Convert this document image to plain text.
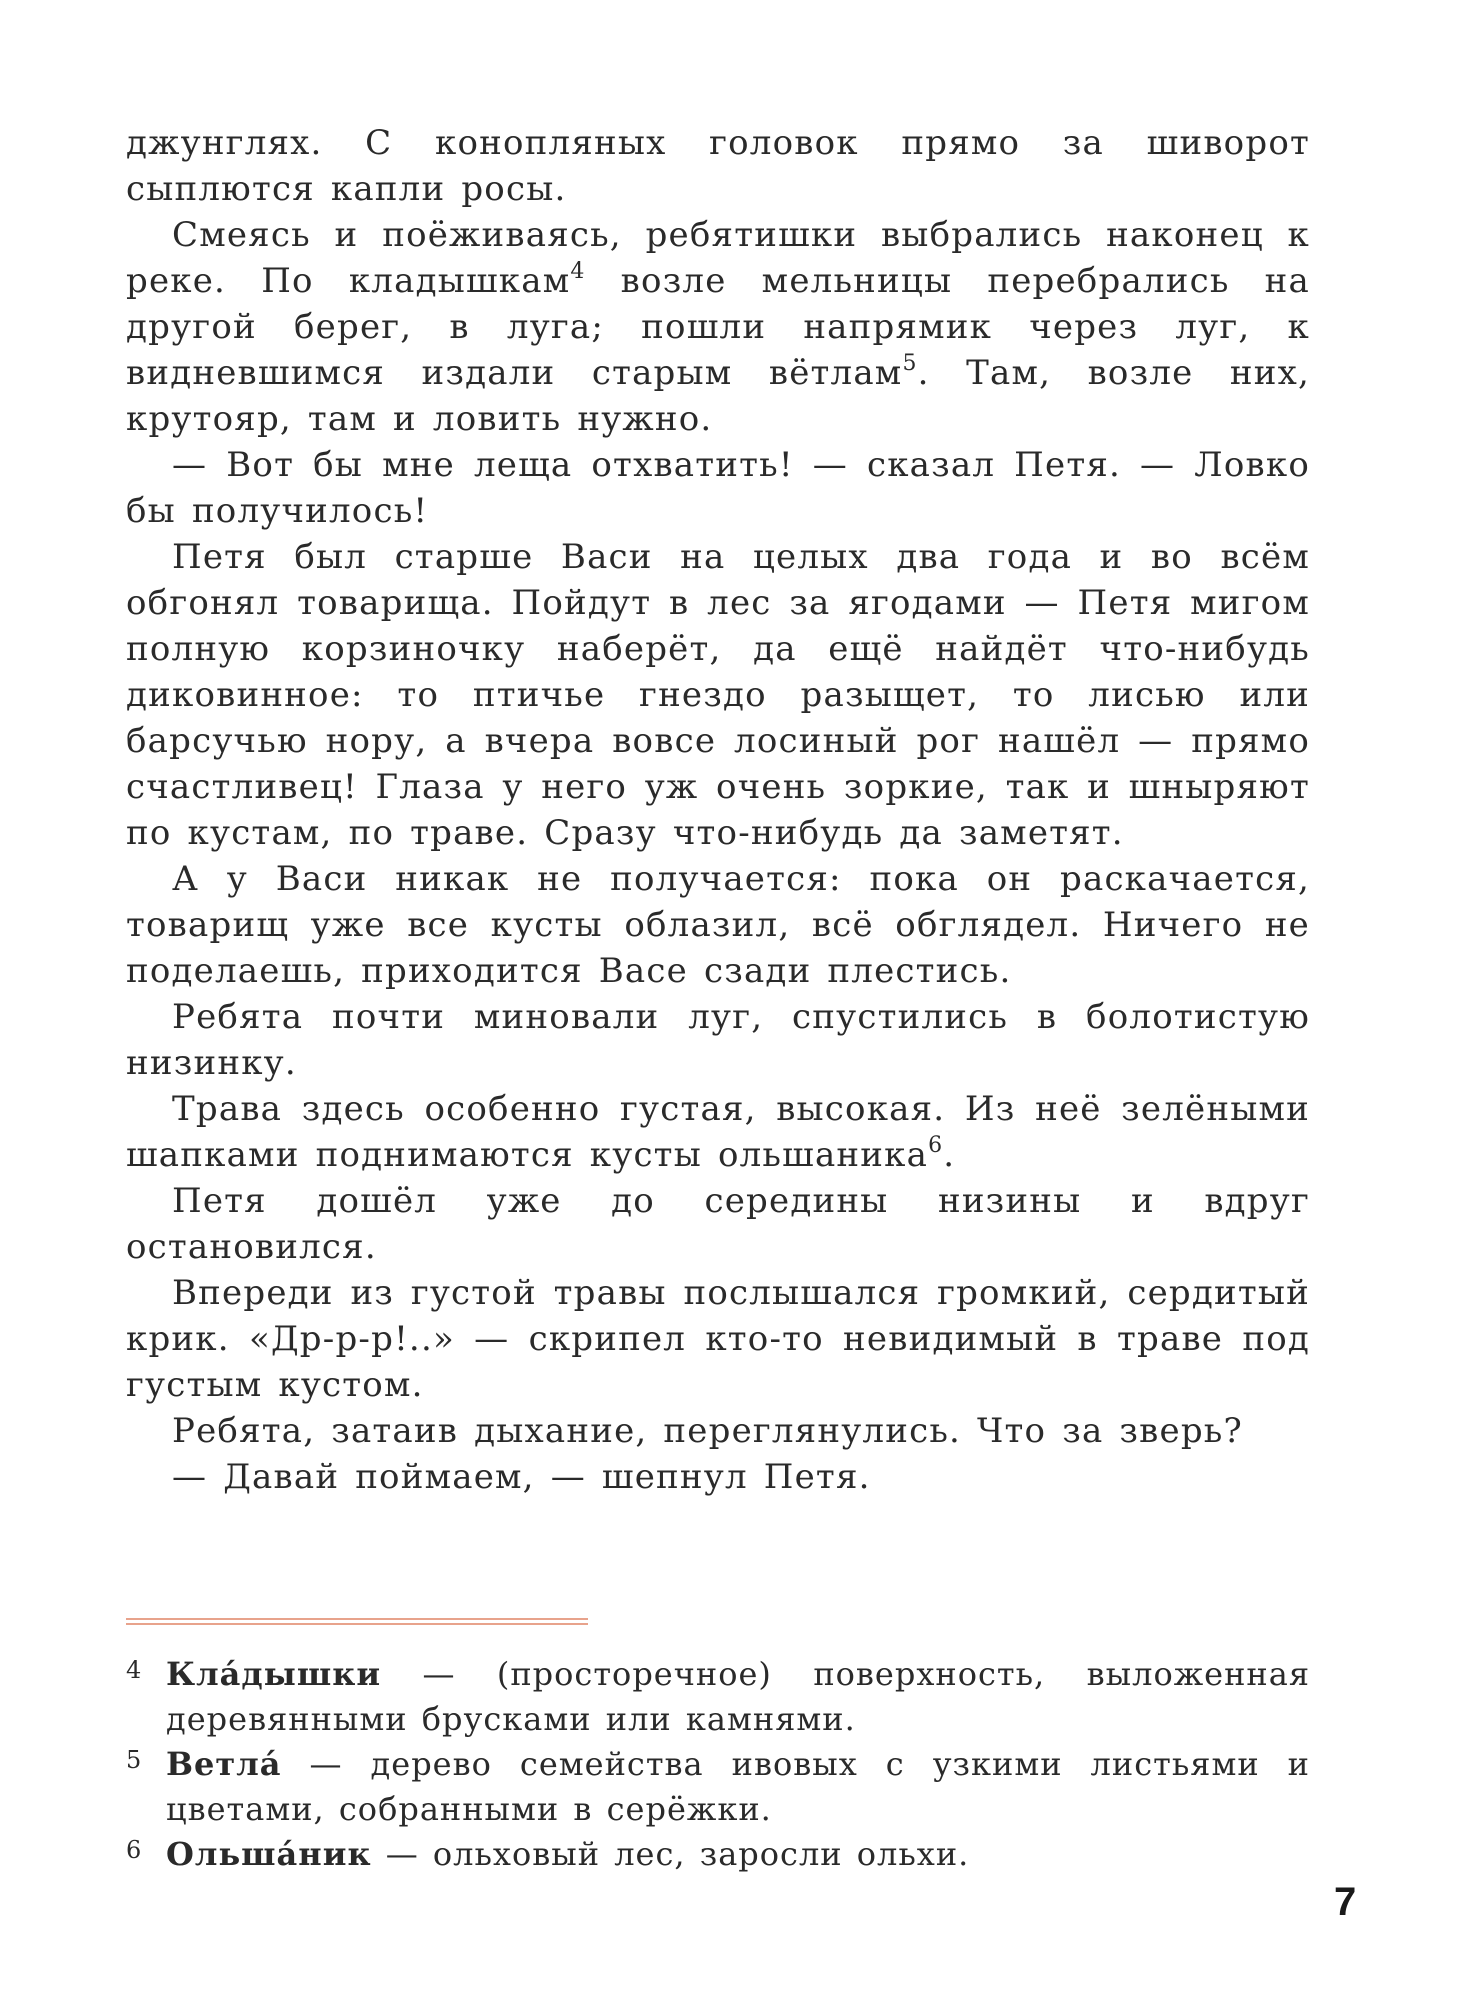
джунглях. С конопляных головок прямо за шиворот сыплются капли росы.

Смеясь и поёживаясь, ребятишки выбрались наконец к реке. По кладышкам$^4$ возле мельницы перебрались на другой берег, в луга; пошли напрямик через луг, к видневшимся издали старым вётлам$^5$. Там, возле них, крутояр, там и ловить нужно.

— Вот бы мне леща отхватить! — сказал Петя. — Ловко бы получилось!

Петя был старше Васи на целых два года и во всём обгонял товарища. Пойдут в лес за ягодами — Петя мигом полную корзиночку наберёт, да ещё найдёт что-нибудь диковинное: то птичье гнездо разыщет, то лисью или барсучью нору, а вчера вовсе лосиный рог нашёл — прямо счастливец! Глаза у него уж очень зоркие, так и шныряют по кустам, по траве. Сразу что-нибудь да заметят.

А у Васи никак не получается: пока он раскачается, товарищ уже все кусты облазил, всё обглядел. Ничего не поделаешь, приходится Васе сзади плестись.

Ребята почти миновали луг, спустились в болотистую низинку.

Трава здесь особенно густая, высокая. Из неё зелёными шапками поднимаются кусты ольшаника$^6$.

Петя дошёл уже до середины низины и вдруг остановился.

Впереди из густой травы послышался громкий, сердитый крик. «Др-р-р!..» — скрипел кто-то невидимый в траве под густым кустом.

Ребята, затаив дыхание, переглянулись. Что за зверь?

— Давай поймаем, — шепнул Петя.

4 Кла́дышки — (просторечное) поверхность, выложенная деревянными брусками или камнями.

5 Ветла́ — дерево семейства ивовых с узкими листьями и цветами, собранными в серёжки.

6 Ольша́ник — ольховый лес, заросли ольхи.

7
